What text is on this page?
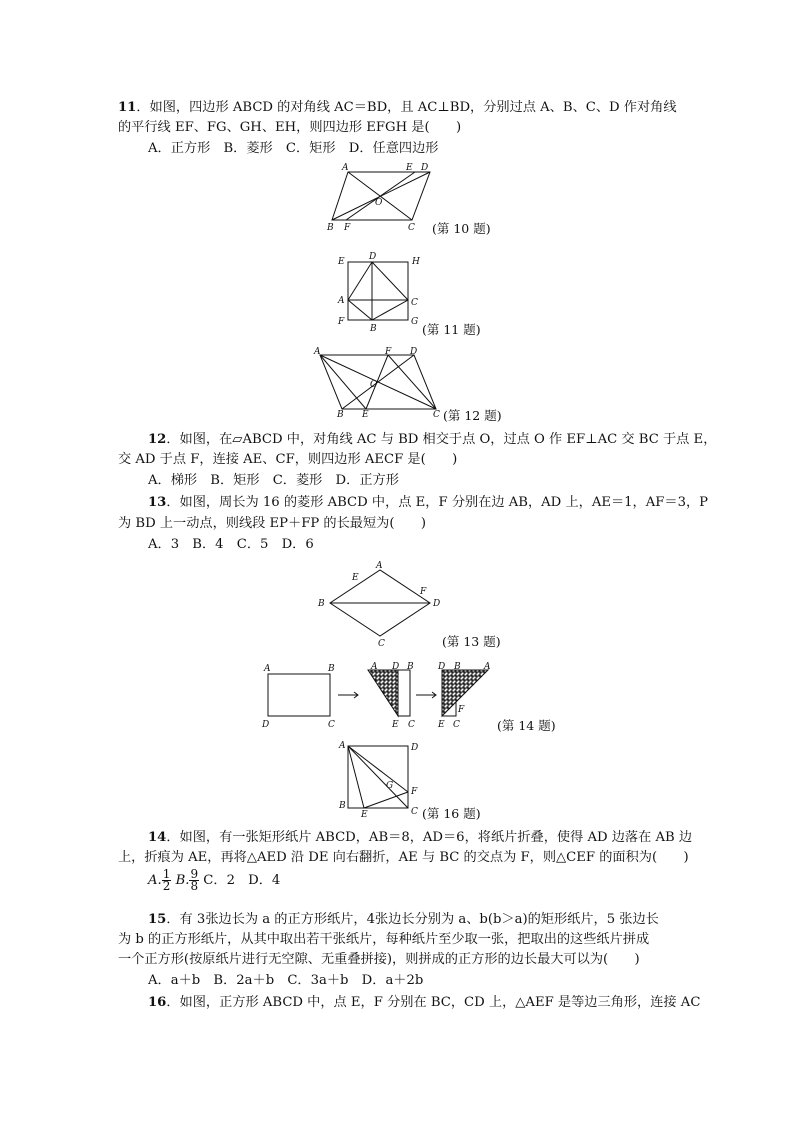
11．如图，四边形 ABCD 的对角线 AC＝BD，且 AC⊥BD，分别过点 A、B、C、D 作对角线
的平行线 EF、FG、GH、EH，则四边形 EFGH 是(　　)
A．正方形　B．菱形　C．矩形　D．任意四边形
A	E D
O
B F	C (第 10 题)
E	D	H
A	C
F
B
G (第 11 题)
A	F D
O
B E	C (第 12 题)
12．如图，在▱ABCD 中，对角线 AC 与 BD 相交于点 O，过点 O 作 EF⊥AC 交 BC 于点 E，
交 AD 于点 F，连接 AE、CF，则四边形 AECF 是(　　)
A．梯形　B．矩形　C．菱形　D．正方形
13．如图，周长为 16 的菱形 ABCD 中，点 E，F 分别在边 AB，AD 上，AE＝1，AF＝3，P
为 BD 上一动点，则线段 EP＋FP 的长最短为(　　)
A．3　B．4　C．5　D．6
A
E
F
B	D
C	(第 13 题)
A	B
D	C
A D B
E C
D B	A
F
E C	(第 14 题)
A	D
F
G
B
E	C (第 16 题)
14．如图，有一张矩形纸片 ABCD，AB＝8，AD＝6，将纸片折叠，使得 AD 边落在 AB 边
上，折痕为 AE，再将△AED 沿 DE 向右翻折，AE 与 BC 的交点为 F，则△CEF 的面积为(　　)
A. $\frac{1}{2} B$. $\frac{9}{8}$ C．2　D．4
15．有 3张边长为 a 的正方形纸片，4张边长分别为 a、b(b＞a)的矩形纸片，5 张边长
为 b 的正方形纸片，从其中取出若干张纸片，每种纸片至少取一张，把取出的这些纸片拼成
一个正方形(按原纸片进行无空隙、无重叠拼接)，则拼成的正方形的边长最大可以为(　　)
A．a＋b　B．2a＋b　C．3a＋b　D．a＋2b
16．如图，正方形 ABCD 中，点 E，F 分别在 BC，CD 上，△AEF 是等边三角形，连接 AC
